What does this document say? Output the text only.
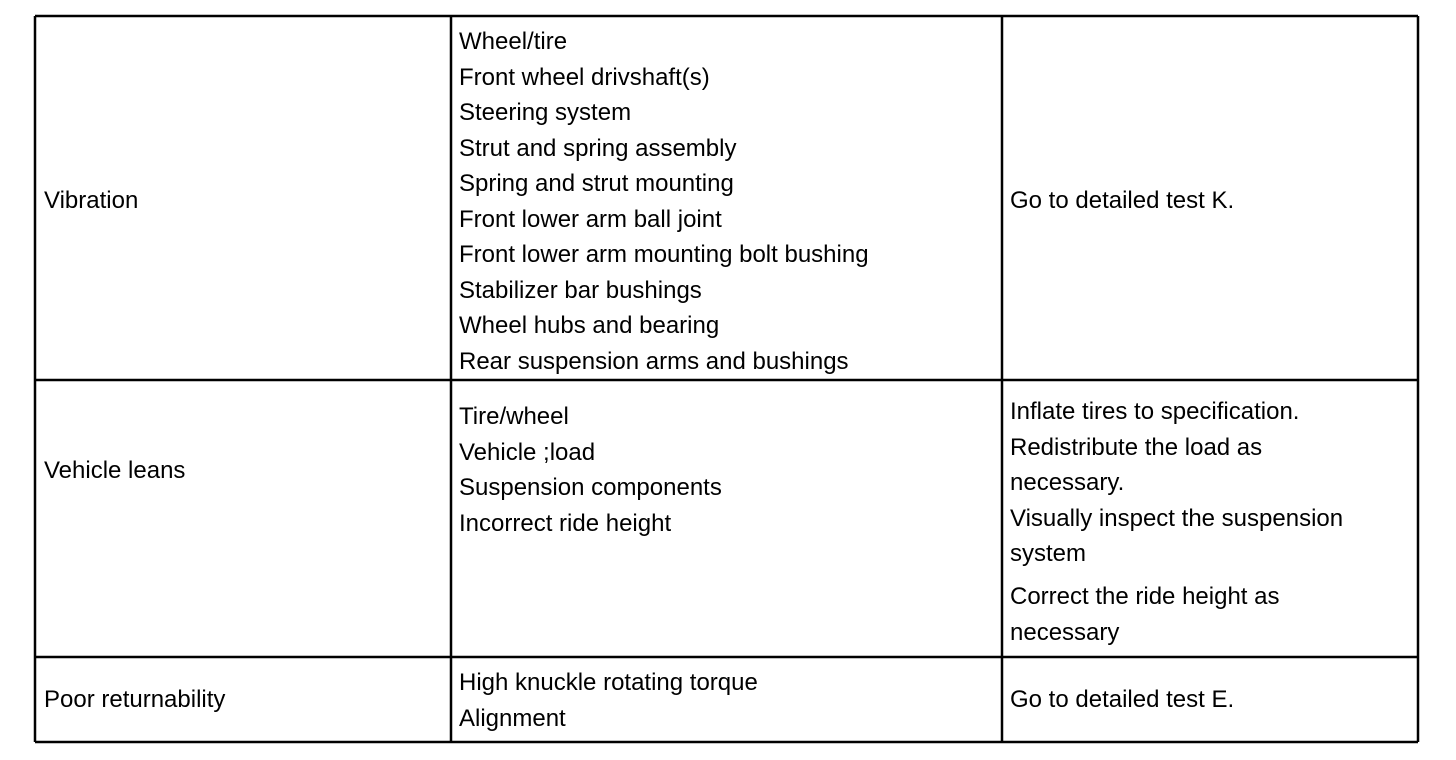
Vibration

Wheel/tire
Front wheel drivshaft(s)
Steering system
Strut and spring assembly
Spring and strut mounting
Front lower arm ball joint
Front lower arm mounting bolt bushing
Stabilizer bar bushings
Wheel hubs and bearing
Rear suspension arms and bushings
Go to detailed test K.

Vehicle leans

Tire/wheel
Vehicle ;load
Suspension components
Incorrect ride height
Inflate tires to specification.
Redistribute the load as
necessary.
Visually inspect the suspension
system
Correct the ride height as
necessary

Poor returnability

High knuckle rotating torque
Alignment
Go to detailed test E.
